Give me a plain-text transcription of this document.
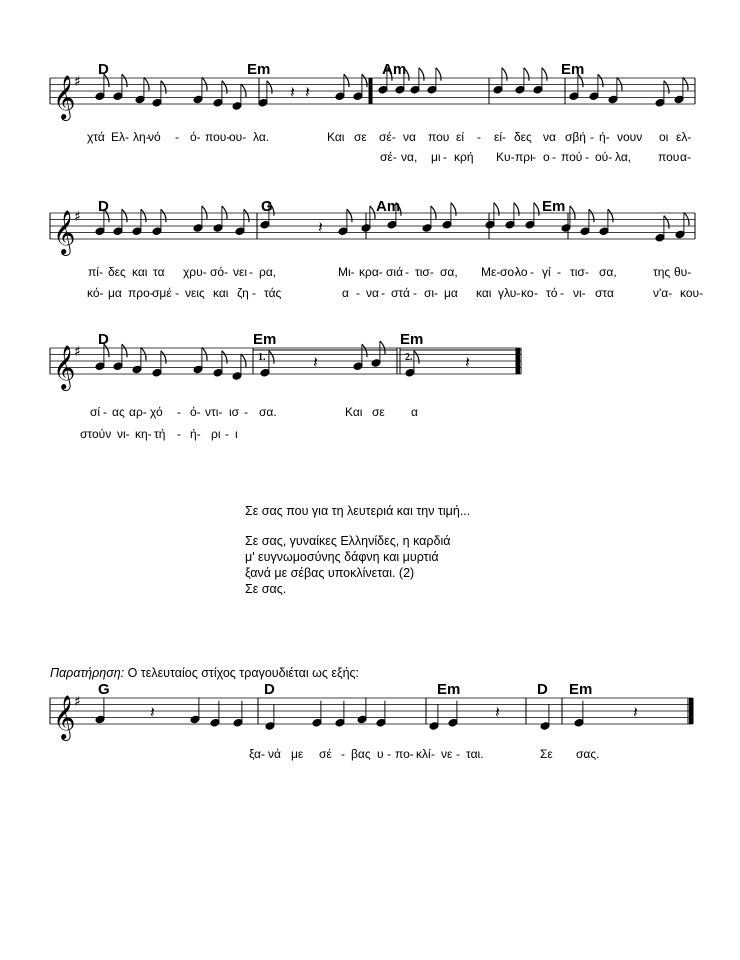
𝄞
♯
𝄞
♯
𝄞
♯
𝄞
♯
𝄽 𝄽
𝄽
𝄽	𝄽
𝄽	𝄽	𝄽
D	Em	Am	Em
D	G	Am	Em
D	Em	Em
1.	2.
χτά Ελ- λη-
νό - ό- που-
ου- λα.	Και σε σέ- να που εί - εί- δες να σβή - ή- νουν οι ελ-
σέ- να, μι - κρή Κυ- πρι - ο - πού - ού- λα, που α-
πί- δες και τα χρυ- σό- νει - ρα,	Μι- κρα- σιά - τισ- σα, Με- σο-
λο - γί - τισ- σα,	της θυ-
κό- μα προ-
σμέ - νεις και ζη - τάς	α - να - στά - σι - μα και γλυ- κο - τό - νι- στα	ν'α- κου-
σί - ας αρ- χό - ό- ντι- ισ - σα.	Και σε α
στούν νι- κη- τή - ή- ρι - ι
Σε σας που για τη λευτεριά και την τιμή...
Σε σας, γυναίκες Ελληνίδες, η καρδιά
μ' ευγνωμοσύνης δάφνη και μυρτιά
ξανά με σέβας υποκλίνεται. (2)
Σε σας.
Παρατήρηση: Ο τελευταίος στίχος τραγουδιέται ως εξής:
G	D	Em	D Em
ξα- νά με σέ - βας υ - πο- κλί - νε - ται.	Σε σας.
